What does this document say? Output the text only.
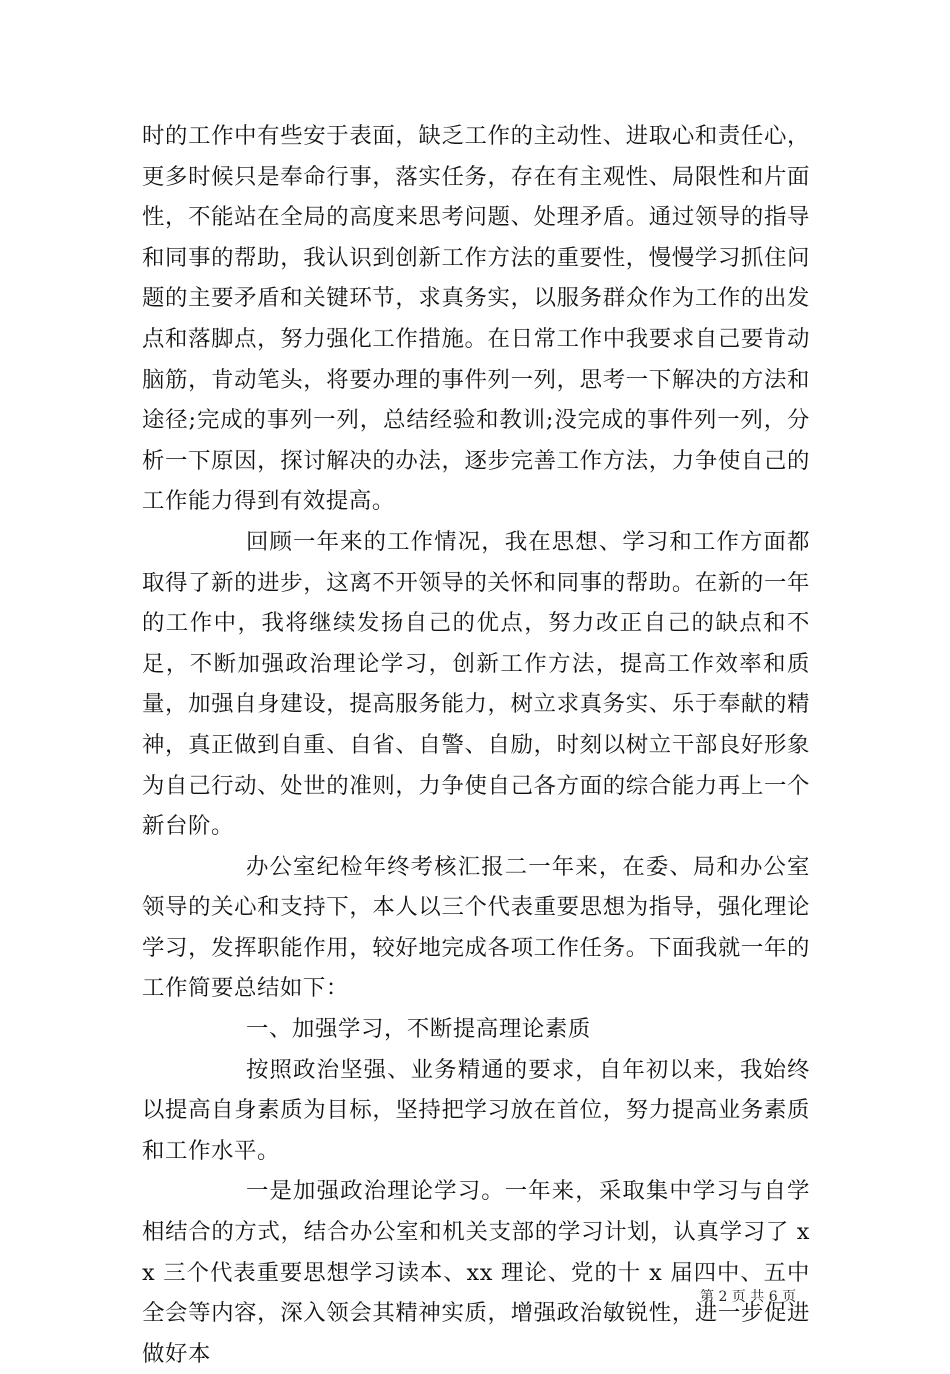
时的工作中有些安于表面，缺乏工作的主动性、进取心和责任心，更多时候只是奉命行事，落实任务，存在有主观性、局限性和片面性，不能站在全局的高度来思考问题、处理矛盾。通过领导的指导和同事的帮助，我认识到创新工作方法的重要性，慢慢学习抓住问题的主要矛盾和关键环节，求真务实，以服务群众作为工作的出发点和落脚点，努力强化工作措施。在日常工作中我要求自己要肯动脑筋，肯动笔头，将要办理的事件列一列，思考一下解决的方法和途径;完成的事列一列，总结经验和教训;没完成的事件列一列，分析一下原因，探讨解决的办法，逐步完善工作方法，力争使自己的工作能力得到有效提高。

回顾一年来的工作情况，我在思想、学习和工作方面都取得了新的进步，这离不开领导的关怀和同事的帮助。在新的一年的工作中，我将继续发扬自己的优点，努力改正自己的缺点和不足，不断加强政治理论学习，创新工作方法，提高工作效率和质量，加强自身建设，提高服务能力，树立求真务实、乐于奉献的精神，真正做到自重、自省、自警、自励，时刻以树立干部良好形象为自己行动、处世的准则，力争使自己各方面的综合能力再上一个新台阶。

办公室纪检年终考核汇报二一年来，在委、局和办公室领导的关心和支持下，本人以三个代表重要思想为指导，强化理论学习，发挥职能作用，较好地完成各项工作任务。下面我就一年的工作简要总结如下：

一、加强学习，不断提高理论素质

按照政治坚强、业务精通的要求，自年初以来，我始终以提高自身素质为目标，坚持把学习放在首位，努力提高业务素质和工作水平。

一是加强政治理论学习。一年来，采取集中学习与自学相结合的方式，结合办公室和机关支部的学习计划，认真学习了 xx 三个代表重要思想学习读本、xx 理论、党的十 x 届四中、五中全会等内容，深入领会其精神实质，增强政治敏锐性，进一步促进做好本

第 2 页 共 6 页
